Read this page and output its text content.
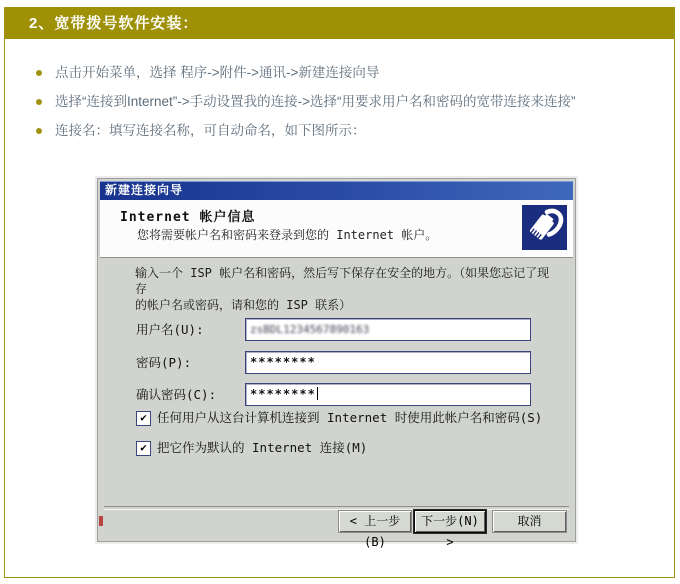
2、宽带拨号软件安装：
点击开始菜单，选择 程序->附件->通讯->新建连接向导
选择“连接到Internet”->手动设置我的连接->选择“用要求用户名和密码的宽带连接来连接”
连接名：填写连接名称，可自动命名，如下图所示：
新建连接向导
Internet 帐户信息
您将需要帐户名和密码来登录到您的 Internet 帐户。
输入一个 ISP 帐户名和密码，然后写下保存在安全的地方。（如果您忘记了现存
的帐户名或密码，请和您的 ISP 联系）
用户名(U):	zsBDL1234567890163
密码(P):	********
确认密码(C):	********
✔ 任何用户从这台计算机连接到 Internet 时使用此帐户名和密码(S)
✔ 把它作为默认的 Internet 连接(M)
< 上一步(B)
下一步(N) >
取消
